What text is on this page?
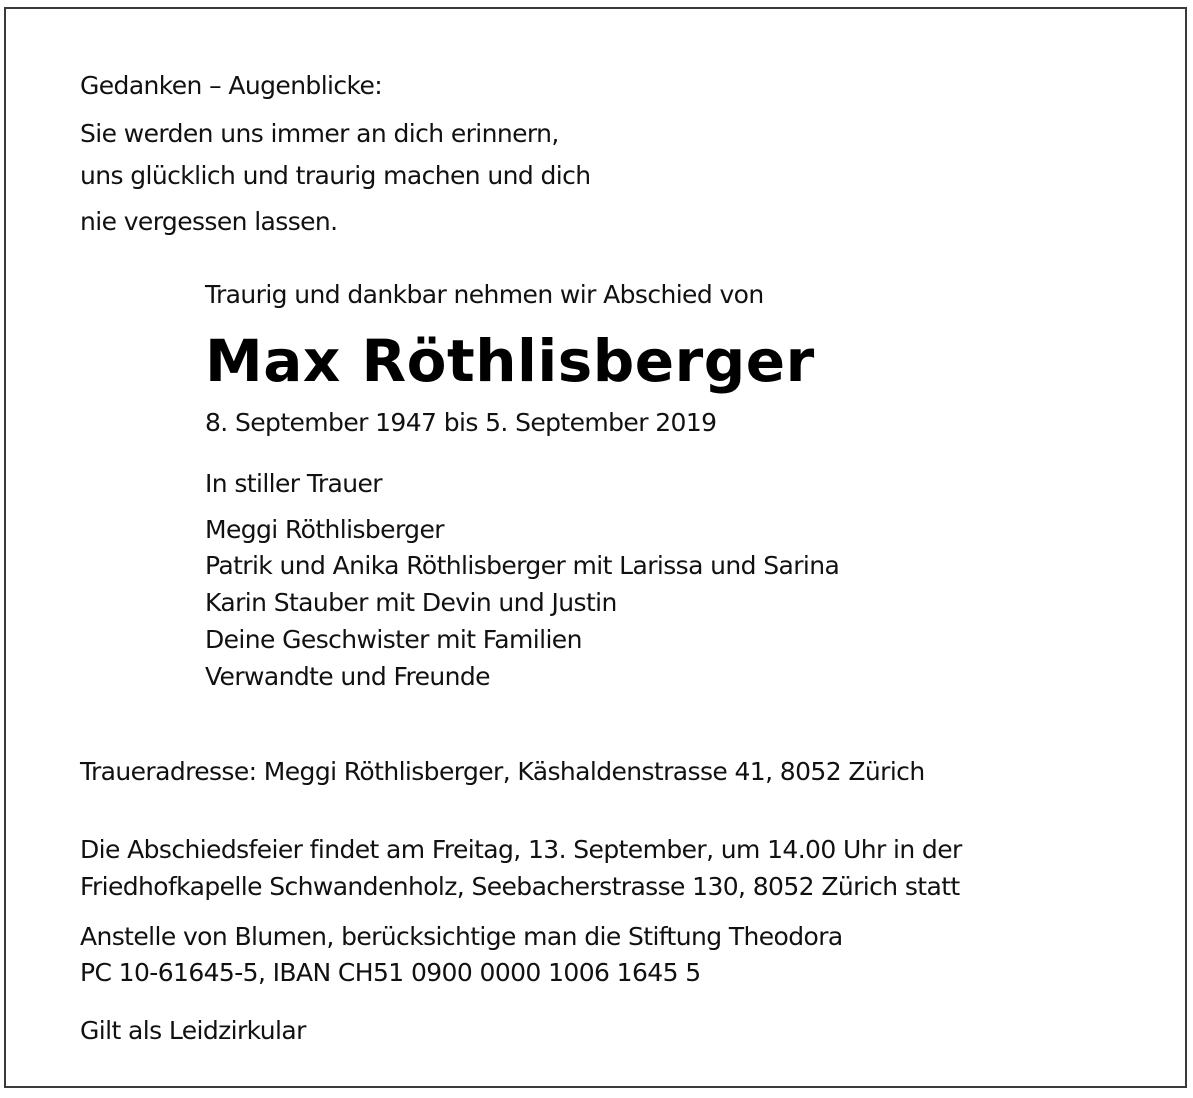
Gedanken – Augenblicke:
Sie werden uns immer an dich erinnern,
uns glücklich und traurig machen und dich
nie vergessen lassen.
Traurig und dankbar nehmen wir Abschied von
Max Röthlisberger
8. September 1947 bis 5. September 2019
In stiller Trauer
Meggi Röthlisberger
Patrik und Anika Röthlisberger mit Larissa und Sarina
Karin Stauber mit Devin und Justin
Deine Geschwister mit Familien
Verwandte und Freunde
Traueradresse: Meggi Röthlisberger, Käshaldenstrasse 41, 8052 Zürich
Die Abschiedsfeier findet am Freitag, 13. September, um 14.00 Uhr in der
Friedhofkapelle Schwandenholz, Seebacherstrasse 130, 8052 Zürich statt
Anstelle von Blumen, berücksichtige man die Stiftung Theodora
PC 10-61645-5, IBAN CH51 0900 0000 1006 1645 5
Gilt als Leidzirkular
